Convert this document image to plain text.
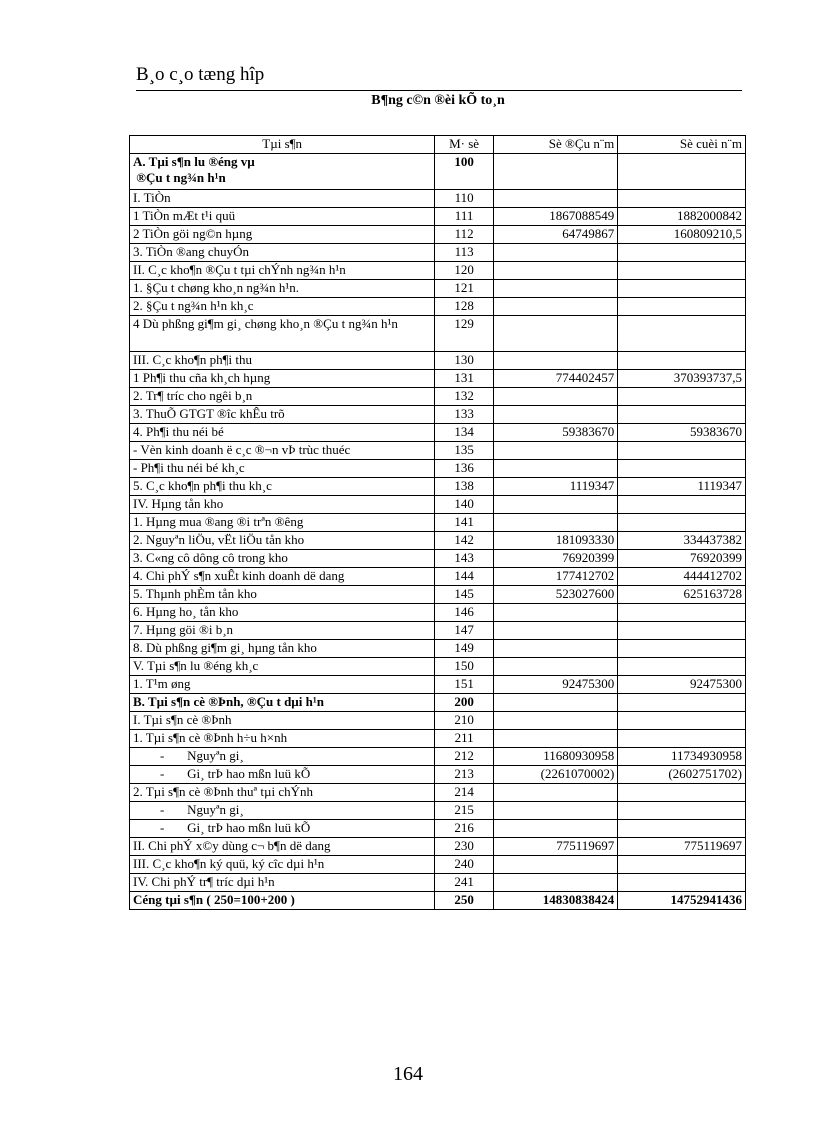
B¸o c¸o tæng hîp
B¶ng c©n ®èi kÕ to¸n
Tµi s¶n	M· sè	Sè ®Çu n¨m	Sè cuèi n¨m
A. Tµi s¶n lu ®éng vµ
®Çu t ng¾n h¹n	100		
I. TiÒn	110		
1 TiÒn mÆt t¹i quü	111	1867088549	1882000842
2 TiÒn göi ng©n hµng	112	64749867	160809210,5
3. TiÒn ®ang chuyÓn	113		
II. C¸c kho¶n ®Çu t tµi chÝnh ng¾n h¹n	120		
1. §Çu t chøng kho¸n ng¾n h¹n.	121		
2. §Çu t ng¾n h¹n kh¸c	128		
4 Dù phßng gi¶m gi¸ chøng kho¸n ®Çu t ng¾n h¹n	129		
III. C¸c kho¶n ph¶i thu	130		
1 Ph¶i thu cña kh¸ch hµng	131	774402457	370393737,5
2. Tr¶ tríc cho ngêi b¸n	132		
3. ThuÕ GTGT ®îc khÊu trõ	133		
4. Ph¶i thu néi bé	134	59383670	59383670
- Vèn kinh doanh ë c¸c ®¬n vÞ trùc thuéc	135		
- Ph¶i thu néi bé kh¸c	136		
5. C¸c kho¶n ph¶i thu kh¸c	138	1119347	1119347
IV. Hµng tån kho	140		
1. Hµng mua ®ang ®i trªn ®êng	141		
2. Nguyªn liÖu, vËt liÖu tån kho	142	181093330	334437382
3. C«ng cô dông cô trong kho	143	76920399	76920399
4. Chi phÝ s¶n xuÊt kinh doanh dë dang	144	177412702	444412702
5. Thµnh phÈm tån kho	145	523027600	625163728
6. Hµng ho¸ tån kho	146		
7. Hµng göi ®i b¸n	147		
8. Dù phßng gi¶m gi¸ hµng tån kho	149		
V. Tµi s¶n lu ®éng kh¸c	150		
1. T¹m øng	151	92475300	92475300
B. Tµi s¶n cè ®Þnh, ®Çu t dµi h¹n	200		
I. Tµi s¶n cè ®Þnh	210		
1. Tµi s¶n cè ®Þnh h÷u h×nh	211		
-       Nguyªn gi¸	212	11680930958	11734930958
-       Gi¸ trÞ hao mßn luü kÕ	213	(2261070002)	(2602751702)
2. Tµi s¶n cè ®Þnh thuª tµi chÝnh	214		
-       Nguyªn gi¸	215		
-       Gi¸ trÞ hao mßn luü kÕ	216		
II. Chi phÝ x©y dùng c¬ b¶n dë dang	230	775119697	775119697
III. C¸c kho¶n ký quü, ký cîc dµi h¹n	240		
IV. Chi phÝ tr¶ tríc dµi h¹n	241		
Céng tµi s¶n ( 250=100+200 )	250	14830838424	14752941436
164
